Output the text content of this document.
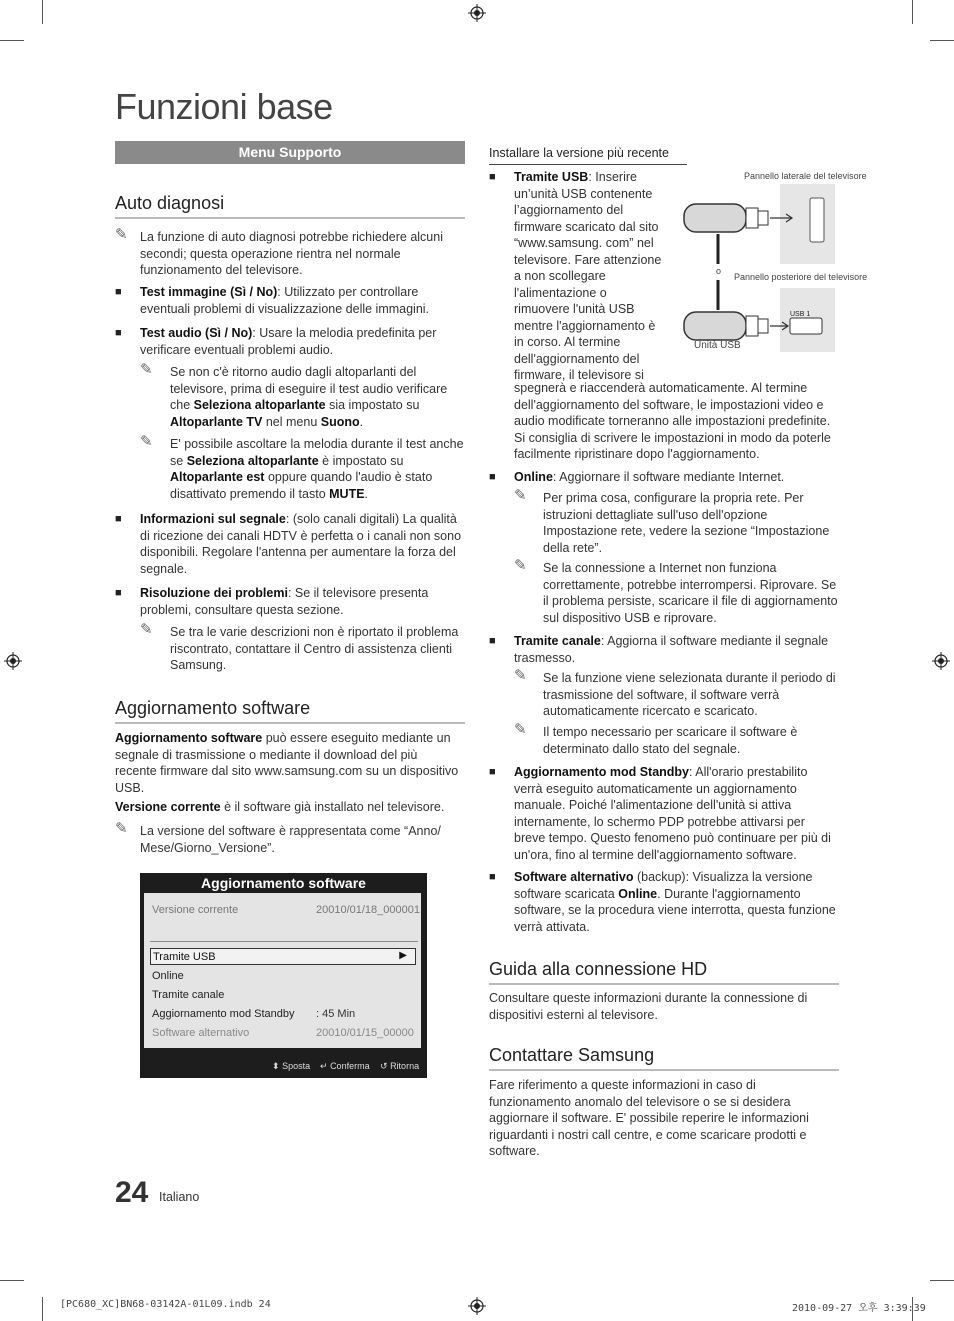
Funzioni base
Menu Supporto
Auto diagnosi
✎ La funzione di auto diagnosi potrebbe richiedere alcuni secondi; questa operazione rientra nel normale funzionamento del televisore.
■ Test immagine (Sì / No): Utilizzato per controllare eventuali problemi di visualizzazione delle immagini.
■ Test audio (Sì / No): Usare la melodia predefinita per verificare eventuali problemi audio.
✎ Se non c'è ritorno audio dagli altoparlanti del televisore, prima di eseguire il test audio verificare che Seleziona altoparlante sia impostato su Altoparlante TV nel menu Suono.
✎ E' possibile ascoltare la melodia durante il test anche se Seleziona altoparlante è impostato su Altoparlante est oppure quando l'audio è stato disattivato premendo il tasto MUTE.
■ Informazioni sul segnale: (solo canali digitali) La qualità di ricezione dei canali HDTV è perfetta o i canali non sono disponibili. Regolare l'antenna per aumentare la forza del segnale.
■ Risoluzione dei problemi: Se il televisore presenta problemi, consultare questa sezione.
✎ Se tra le varie descrizioni non è riportato il problema riscontrato, contattare il Centro di assistenza clienti Samsung.
Aggiornamento software
Aggiornamento software può essere eseguito mediante un segnale di trasmissione o mediante il download del più recente firmware dal sito www.samsung.com su un dispositivo USB.
Versione corrente è il software già installato nel televisore.
✎ La versione del software è rappresentata come “Anno/ Mese/Giorno_Versione”.
Aggiornamento software
Versione corrente	20010/01/18_000001
Tramite USB	▶
Online
Tramite canale
Aggiornamento mod Standby : 45 Min
Software alternativo	20010/01/15_00000
⬍ Sposta ↵ Conferma ↺ Ritorna
Installare la versione più recente
■ Tramite USB: Inserire un’unità USB contenente l’aggiornamento del firmware scaricato dal sito “www.samsung. com” nel televisore. Fare attenzione a non scollegare l'alimentazione o rimuovere l'unità USB mentre l'aggiornamento è in corso. Al termine dell'aggiornamento del firmware, il televisore si
spegnerà e riaccenderà automaticamente. Al termine dell'aggiornamento del software, le impostazioni video e audio modificate torneranno alle impostazioni predefinite. Si consiglia di scrivere le impostazioni in modo da poterle facilmente ripristinare dopo l'aggiornamento.
Pannello laterale del televisore
o
Pannello posteriore del televisore
Unità USB
USB 1
■ Online: Aggiornare il software mediante Internet.
✎ Per prima cosa, configurare la propria rete. Per istruzioni dettagliate sull'uso dell'opzione Impostazione rete, vedere la sezione “Impostazione della rete”.
✎ Se la connessione a Internet non funziona correttamente, potrebbe interrompersi. Riprovare. Se il problema persiste, scaricare il file di aggiornamento sul dispositivo USB e riprovare.
■ Tramite canale: Aggiorna il software mediante il segnale trasmesso.
✎ Se la funzione viene selezionata durante il periodo di trasmissione del software, il software verrà automaticamente ricercato e scaricato.
✎ Il tempo necessario per scaricare il software è determinato dallo stato del segnale.
■ Aggiornamento mod Standby: All'orario prestabilito verrà eseguito automaticamente un aggiornamento manuale. Poiché l'alimentazione dell'unità si attiva internamente, lo schermo PDP potrebbe attivarsi per breve tempo. Questo fenomeno può continuare per più di un'ora, fino al termine dell'aggiornamento software.
■ Software alternativo (backup): Visualizza la versione software scaricata Online. Durante l'aggiornamento software, se la procedura viene interrotta, questa funzione verrà attivata.
Guida alla connessione HD
Consultare queste informazioni durante la connessione di dispositivi esterni al televisore.
Contattare Samsung
Fare riferimento a queste informazioni in caso di funzionamento anomalo del televisore o se si desidera aggiornare il software. E' possibile reperire le informazioni riguardanti i nostri call centre, e come scaricare prodotti e software.
24 Italiano
[PC680_XC]BN68-03142A-01L09.indb 24	2010-09-27 오후 3:39:39
